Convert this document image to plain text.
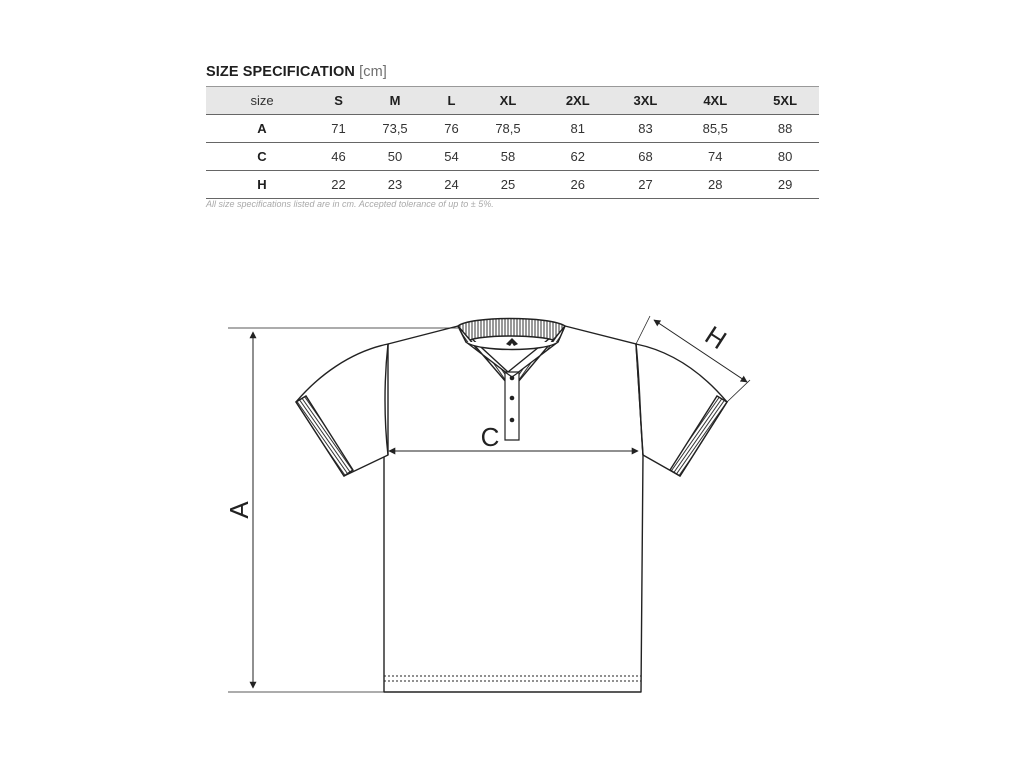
SIZE SPECIFICATION [cm]
size	S	M	L	XL	2XL	3XL	4XL	5XL
A	71	73,5	76	78,5	81	83	85,5	88
C	46	50	54	58	62	68	74	80
H	22	23	24	25	26	27	28	29
All size specifications listed are in cm. Accepted tolerance of up to ± 5%.
A
C
H
